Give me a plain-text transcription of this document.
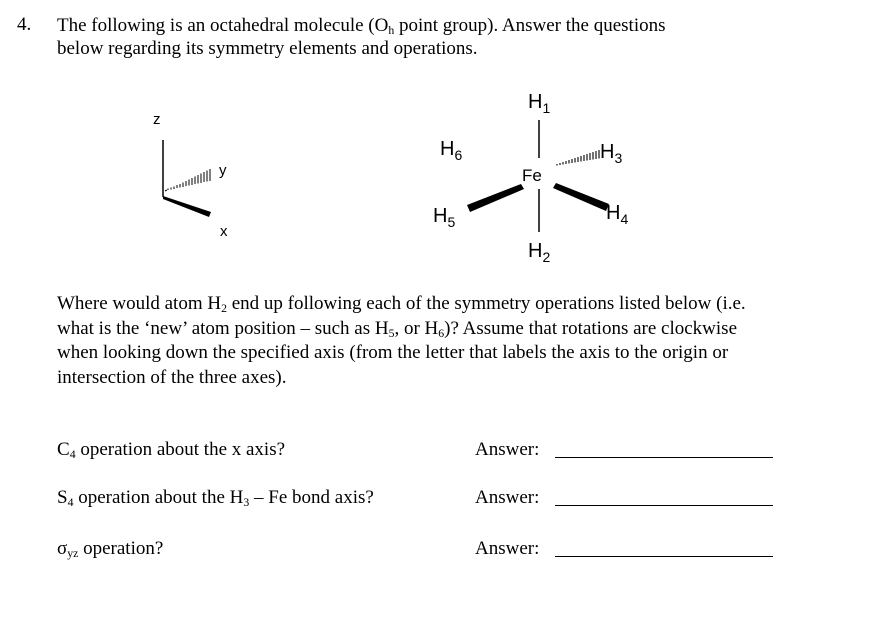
4. The following is an octahedral molecule ($O_h$ point group). Answer the questions
below regarding its symmetry elements and operations.

z
y
x
Fe
$H_1$
$H_2$
$H_3$
$H_4$
$H_5$
$H_6$

Where would atom $H_2$ end up following each of the symmetry operations listed below (i.e. what is the ‘new’ atom position – such as $H_5$, or $H_6$)? Assume that rotations are clockwise when looking down the specified axis (from the letter that labels the axis to the origin or intersection of the three axes).

$C_4$ operation about the x axis?	Answer:
$S_4$ operation about the $H_3$ – Fe bond axis?	Answer:
$\sigma_{yz}$ operation?	Answer:
